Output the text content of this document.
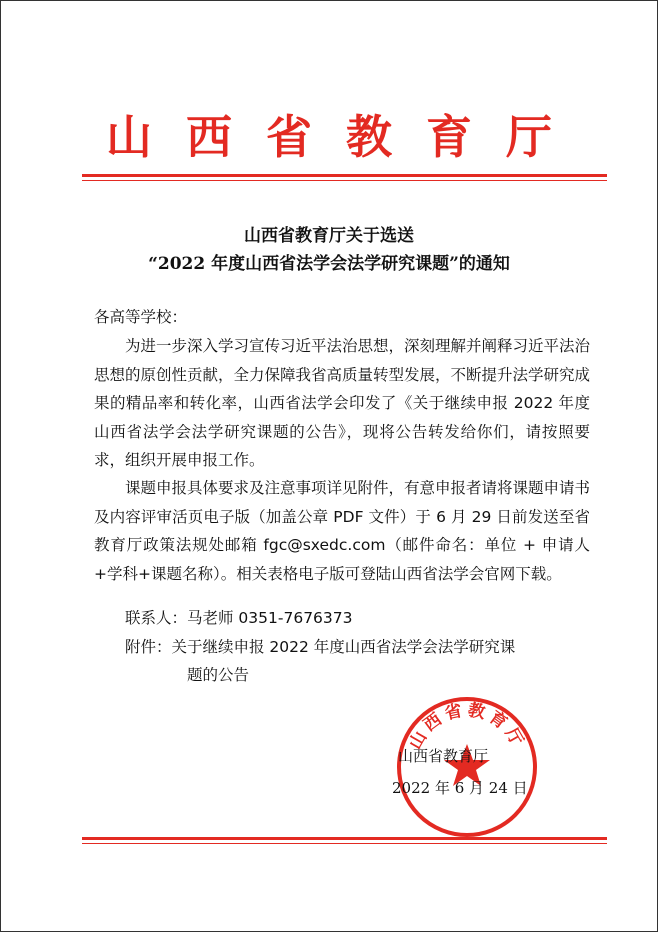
山西省教育厅
山西省教育厅关于选送
“2022 年度山西省法学会法学研究课题”的通知
各高等学校：
为进一步深入学习宣传习近平法治思想，深刻理解并阐释习近平法治思想的原创性贡献，全力保障我省高质量转型发展，不断提升法学研究成果的精品率和转化率，山西省法学会印发了《关于继续申报 2022 年度山西省法学会法学研究课题的公告》，现将公告转发给你们，请按照要求，组织开展申报工作。
课题申报具体要求及注意事项详见附件，有意申报者请将课题申请书及内容评审活页电子版（加盖公章 PDF 文件）于 6 月 29 日前发送至省教育厅政策法规处邮箱 fgc@sxedc.com（邮件命名：单位 + 申请人+学科+课题名称）。相关表格电子版可登陆山西省法学会官网下载。
联系人：马老师 0351-7676373
附件：关于继续申报 2022 年度山西省法学会法学研究课
题的公告
山西省教育厅
山西省教育厅
2022 年 6 月 24 日
